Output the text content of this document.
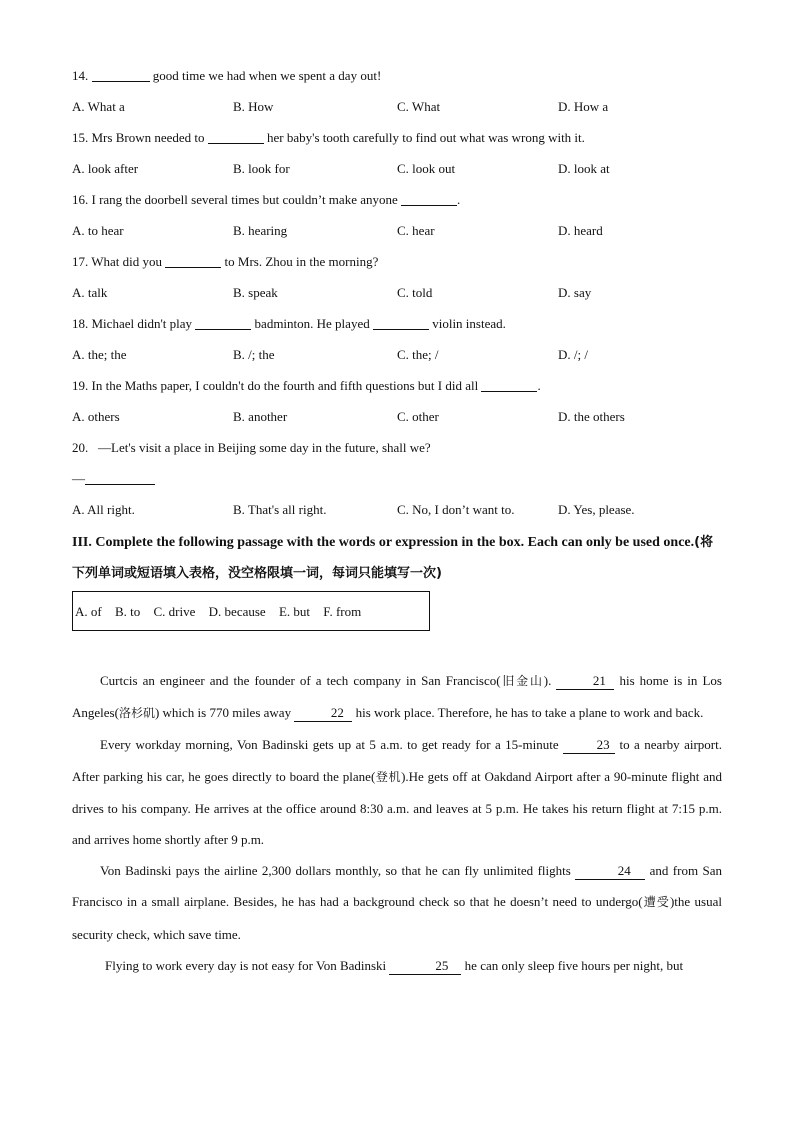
14.	good time we had when we spent a day out!
A. What a	B. How	C. What	D. How a
15. Mrs Brown needed to	her baby's tooth carefully to find out what was wrong with it.
A. look after	B. look for	C. look out	D. look at
16. I rang the doorbell several times but couldn’t make anyone	.
A. to hear	B. hearing	C. hear	D. heard
17. What did you	to Mrs. Zhou in the morning?
A. talk	B. speak	C. told	D. say
18. Michael didn't play	badminton. He played	violin instead.
A. the; the	B. /; the	C. the; /	D. /; /
19. In the Maths paper, I couldn't do the fourth and fifth questions but I did all	.
A. others	B. another	C. other	D. the others
20. —Let's visit a place in Beijing some day in the future, shall we?
—
A. All right.	B. That's all right.	C. No, I don’t want to.	D. Yes, please.
III. Complete the following passage with the words or expression in the box. Each can only be used once.(将下列单词或短语填入表格，没空格限填一词，每词只能填写一次)
A. of B. to C. drive D. because E. but F. from

Curtcis an engineer and the founder of a tech company in San Francisco(旧金山).	21 his home is in Los Angeles(洛杉矶) which is 770 miles away	22 his work place. Therefore, he has to take a plane to work and back.

Every workday morning, Von Badinski gets up at 5 a.m. to get ready for a 15-minute	23 to a nearby airport. After parking his car, he goes directly to board the plane(登机).He gets off at Oakdand Airport after a 90-minute flight and drives to his company. He arrives at the office around 8:30 a.m. and leaves at 5 p.m. He takes his return flight at 7:15 p.m. and arrives home shortly after 9 p.m.

Von Badinski pays the airline 2,300 dollars monthly, so that he can fly unlimited flights	24 and from San Francisco in a small airplane. Besides, he has had a background check so that he doesn’t need to undergo(遭受)the usual security check, which save time.

Flying to work every day is not easy for Von Badinski	25 he can only sleep five hours per night, but
